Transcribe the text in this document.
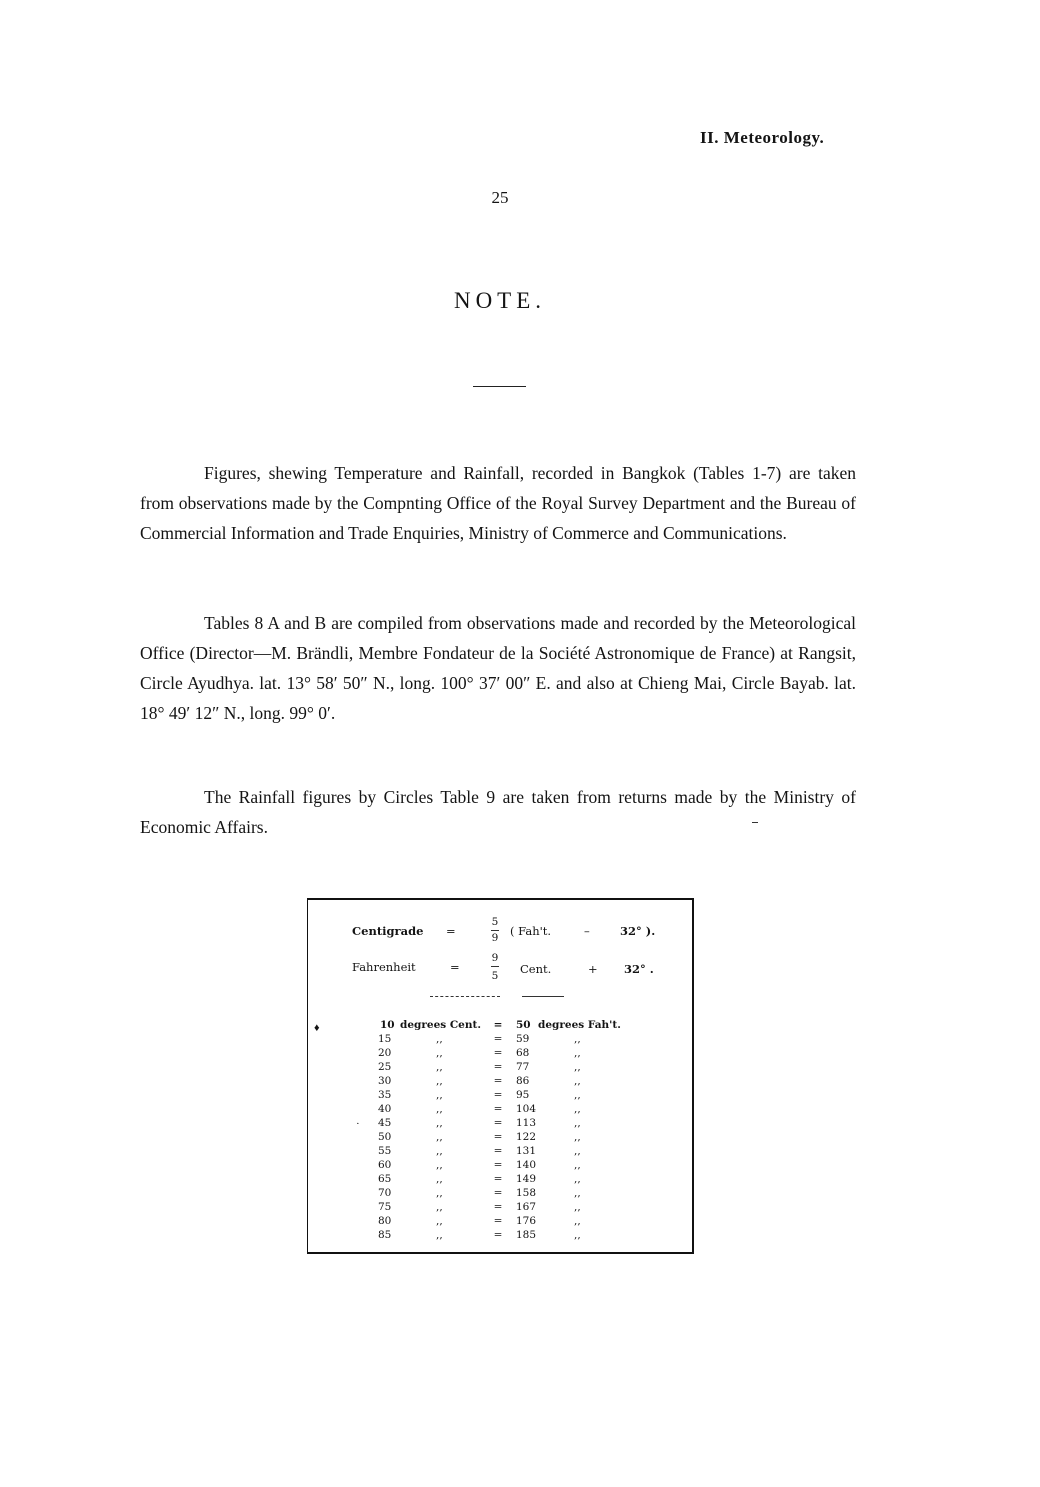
II. Meteorology.
25
NOTE.

Figures, shewing Temperature and Rainfall, recorded in Bangkok (Tables 1-7) are taken from observations made by the Compnting Office of the Royal Survey Department and the Bureau of Commercial Information and Trade Enquiries, Ministry of Commerce and Communications.

Tables 8 A and B are compiled from observations made and recorded by the Meteorological Office (Director—M. Brändli, Membre Fondateur de la Société Astronomique de France) at Rangsit, Circle Ayudhya. lat. 13° 58′ 50″ N., long. 100° 37′ 00″ E. and also at Chieng Mai, Circle Bayab. lat. 18° 49′ 12″ N., long. 99° 0′.

The Rainfall figures by Circles Table 9 are taken from returns made by the Ministry of Economic Affairs.

Centigrade =
5
9	( Fah't.	–	32° ).
Fahrenheit	=
9
5	Cent.	+ 32° .
10 degrees Cent. = 50 degrees Fah't.
15	,,	= 59	,,
20	,,	= 68	,,
25	,,	= 77	,,
30	,,	= 86	,,
35	,,	= 95	,,
40	,,	= 104	,,
45	,,	= 113	,,
50	,,	= 122	,,
55	,,	= 131	,,
60	,,	= 140	,,
65	,,	= 149	,,
70	,,	= 158	,,
75	,,	= 167	,,
80	,,	= 176	,,
85	,,	= 185	,,
♦
·
